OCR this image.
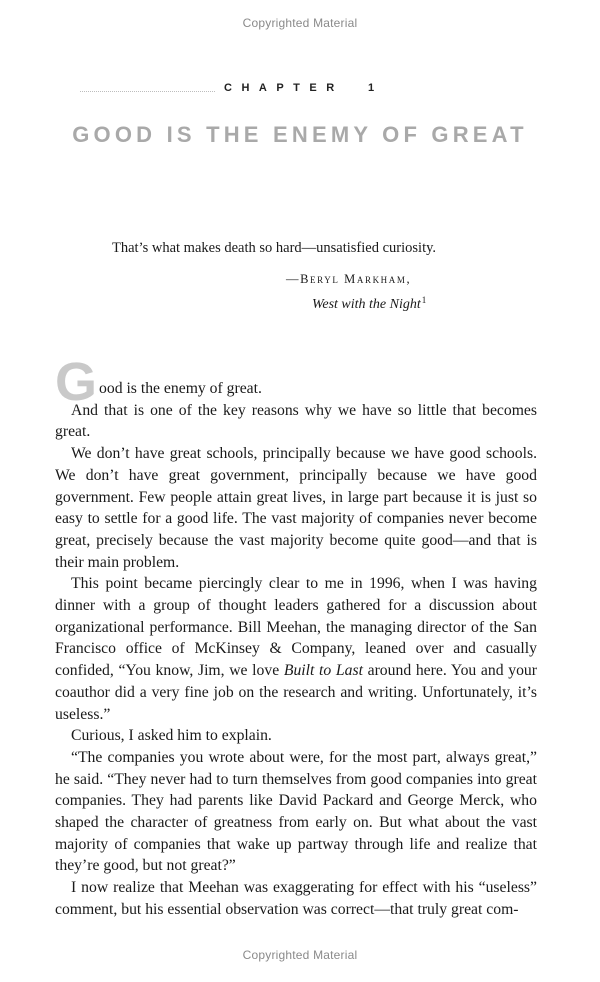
Copyrighted Material
CHAPTER 1
GOOD IS THE ENEMY OF GREAT
That’s what makes death so hard—unsatisfied curiosity.
—Beryl Markham,
West with the Night$^1$

G ood is the enemy of great.

And that is one of the key reasons why we have so little that becomes great.

We don’t have great schools, principally because we have good schools. We don’t have great government, principally because we have good government. Few people attain great lives, in large part because it is just so easy to settle for a good life. The vast majority of companies never become great, precisely because the vast majority become quite good—and that is their main problem.

This point became piercingly clear to me in 1996, when I was having dinner with a group of thought leaders gathered for a discussion about organizational performance. Bill Meehan, the managing director of the San Francisco office of McKinsey & Company, leaned over and casually confided, “You know, Jim, we love Built to Last around here. You and your coauthor did a very fine job on the research and writing. Unfortunately, it’s useless.”

Curious, I asked him to explain.

“The companies you wrote about were, for the most part, always great,” he said. “They never had to turn themselves from good companies into great companies. They had parents like David Packard and George Merck, who shaped the character of greatness from early on. But what about the vast majority of companies that wake up partway through life and realize that they’re good, but not great?”

I now realize that Meehan was exaggerating for effect with his “useless” comment, but his essential observation was correct—that truly great com-

Copyrighted Material
